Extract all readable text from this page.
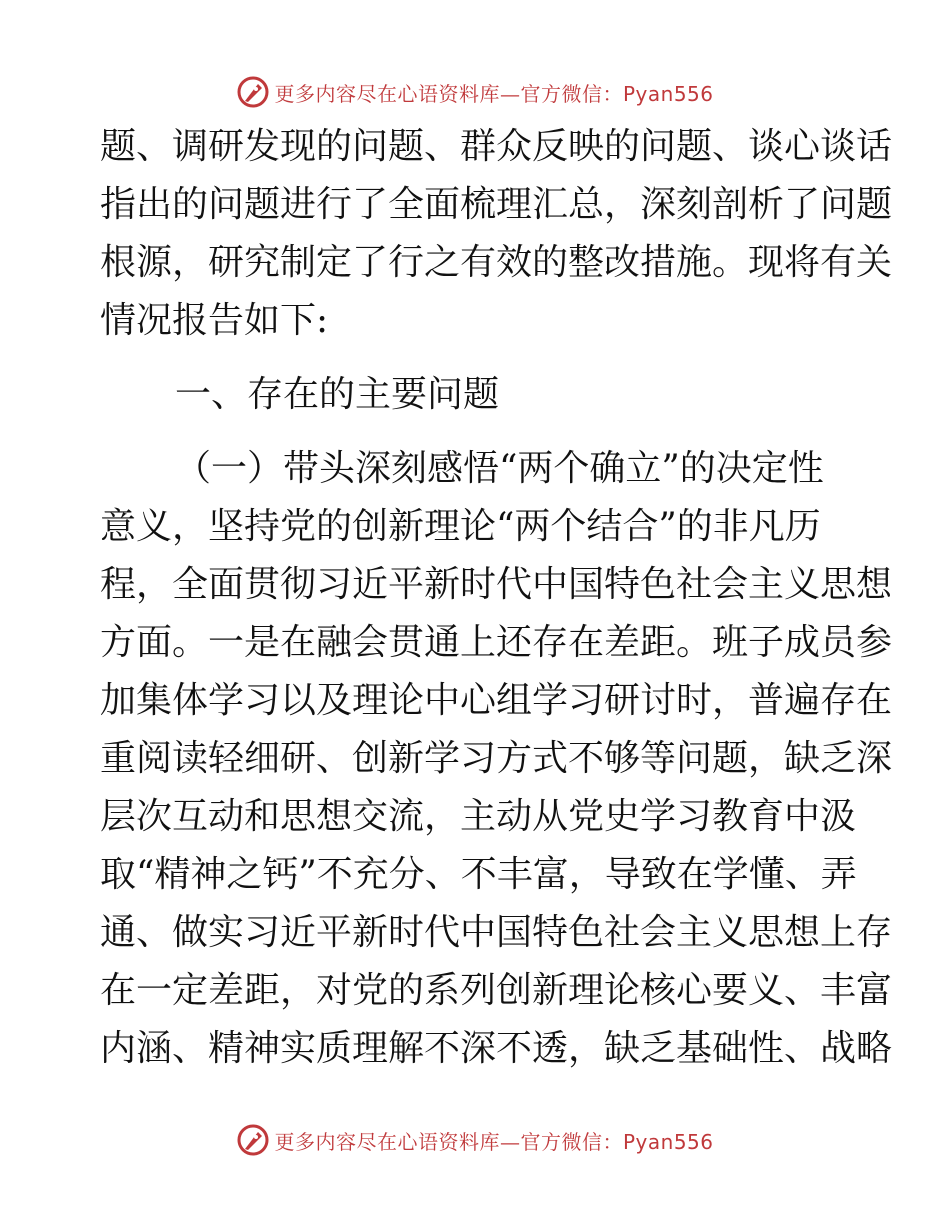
更多内容尽在心语资料库—官方微信：Pyan556
题、调研发现的问题、群众反映的问题、谈心谈话
指出的问题进行了全面梳理汇总，深刻剖析了问题
根源，研究制定了行之有效的整改措施。现将有关
情况报告如下:
一、存在的主要问题
（一）带头深刻感悟“两个确立”的决定性
意义，坚持党的创新理论“两个结合”的非凡历
程，全面贯彻习近平新时代中国特色社会主义思想
方面。一是在融会贯通上还存在差距。班子成员参
加集体学习以及理论中心组学习研讨时，普遍存在
重阅读轻细研、创新学习方式不够等问题，缺乏深
层次互动和思想交流，主动从党史学习教育中汲
取“精神之钙”不充分、不丰富，导致在学懂、弄
通、做实习近平新时代中国特色社会主义思想上存
在一定差距，对党的系列创新理论核心要义、丰富
内涵、精神实质理解不深不透，缺乏基础性、战略
更多内容尽在心语资料库—官方微信：Pyan556
